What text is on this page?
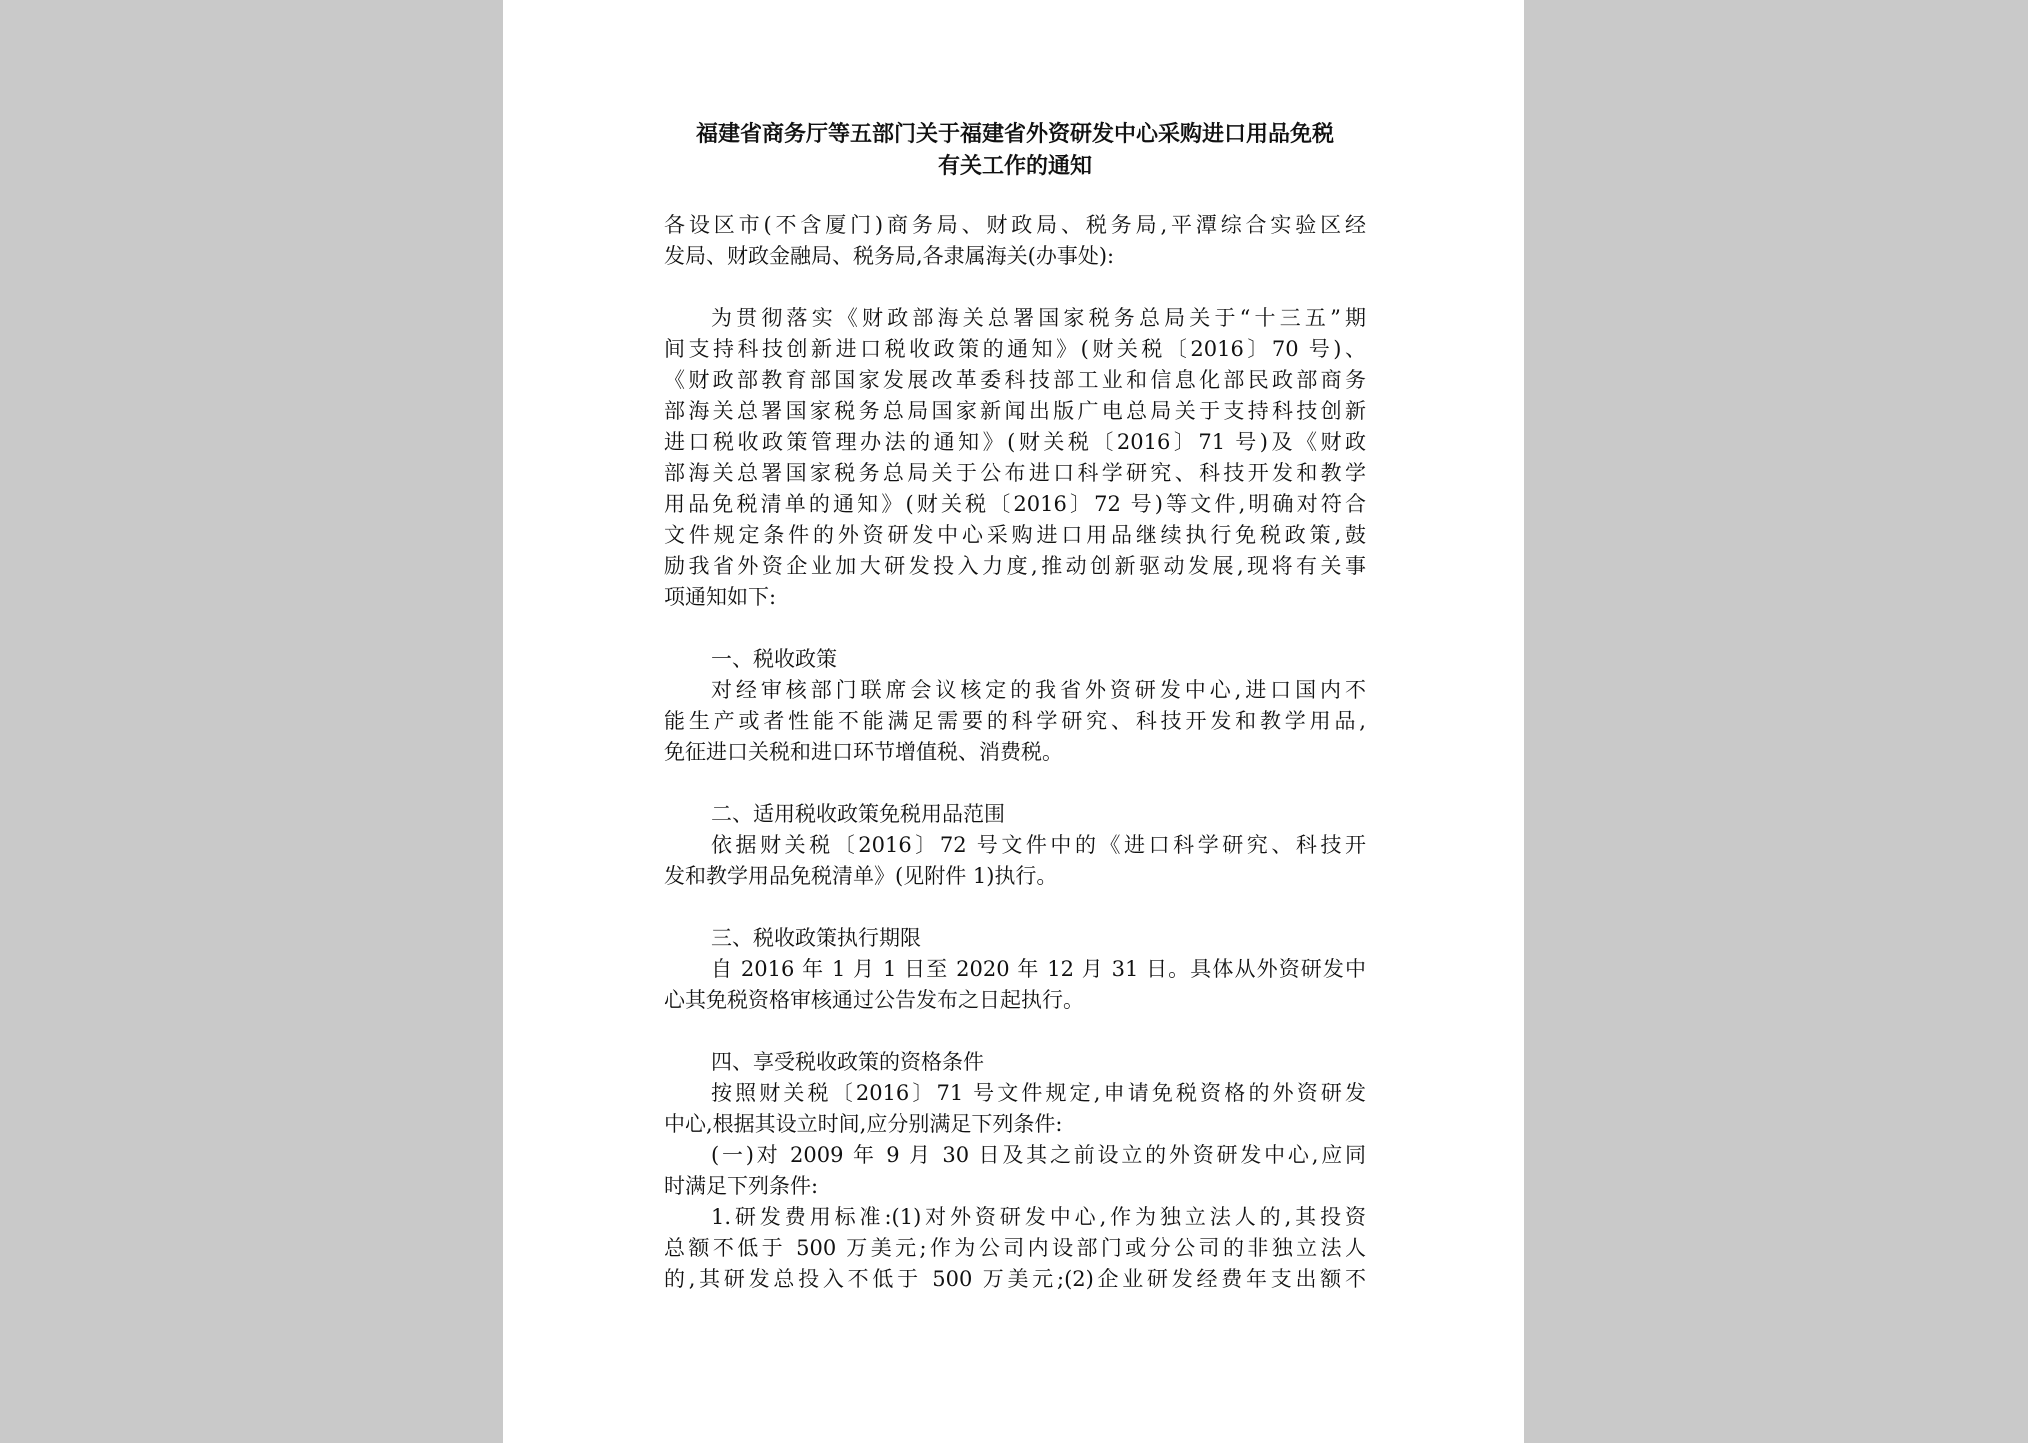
福建省商务厅等五部门关于福建省外资研发中心采购进口用品免税
有关工作的通知
各设区市(不含厦门)商务局、财政局、税务局,平潭综合实验区经
发局、财政金融局、税务局,各隶属海关(办事处):
为贯彻落实《财政部海关总署国家税务总局关于“十三五”期
间支持科技创新进口税收政策的通知》(财关税〔2016〕70 号)、
《财政部教育部国家发展改革委科技部工业和信息化部民政部商务
部海关总署国家税务总局国家新闻出版广电总局关于支持科技创新
进口税收政策管理办法的通知》(财关税〔2016〕71 号)及《财政
部海关总署国家税务总局关于公布进口科学研究、科技开发和教学
用品免税清单的通知》(财关税〔2016〕72 号)等文件,明确对符合
文件规定条件的外资研发中心采购进口用品继续执行免税政策,鼓
励我省外资企业加大研发投入力度,推动创新驱动发展,现将有关事
项通知如下:
一、税收政策
对经审核部门联席会议核定的我省外资研发中心,进口国内不
能生产或者性能不能满足需要的科学研究、科技开发和教学用品,
免征进口关税和进口环节增值税、消费税。
二、适用税收政策免税用品范围
依据财关税〔2016〕72 号文件中的《进口科学研究、科技开
发和教学用品免税清单》(见附件 1)执行。
三、税收政策执行期限
自 2016 年 1 月 1 日至 2020 年 12 月 31 日。具体从外资研发中
心其免税资格审核通过公告发布之日起执行。
四、享受税收政策的资格条件
按照财关税〔2016〕71 号文件规定,申请免税资格的外资研发
中心,根据其设立时间,应分别满足下列条件:
(一)对 2009 年 9 月 30 日及其之前设立的外资研发中心,应同
时满足下列条件:
1.研发费用标准:(1)对外资研发中心,作为独立法人的,其投资
总额不低于 500 万美元;作为公司内设部门或分公司的非独立法人
的,其研发总投入不低于 500 万美元;(2)企业研发经费年支出额不
